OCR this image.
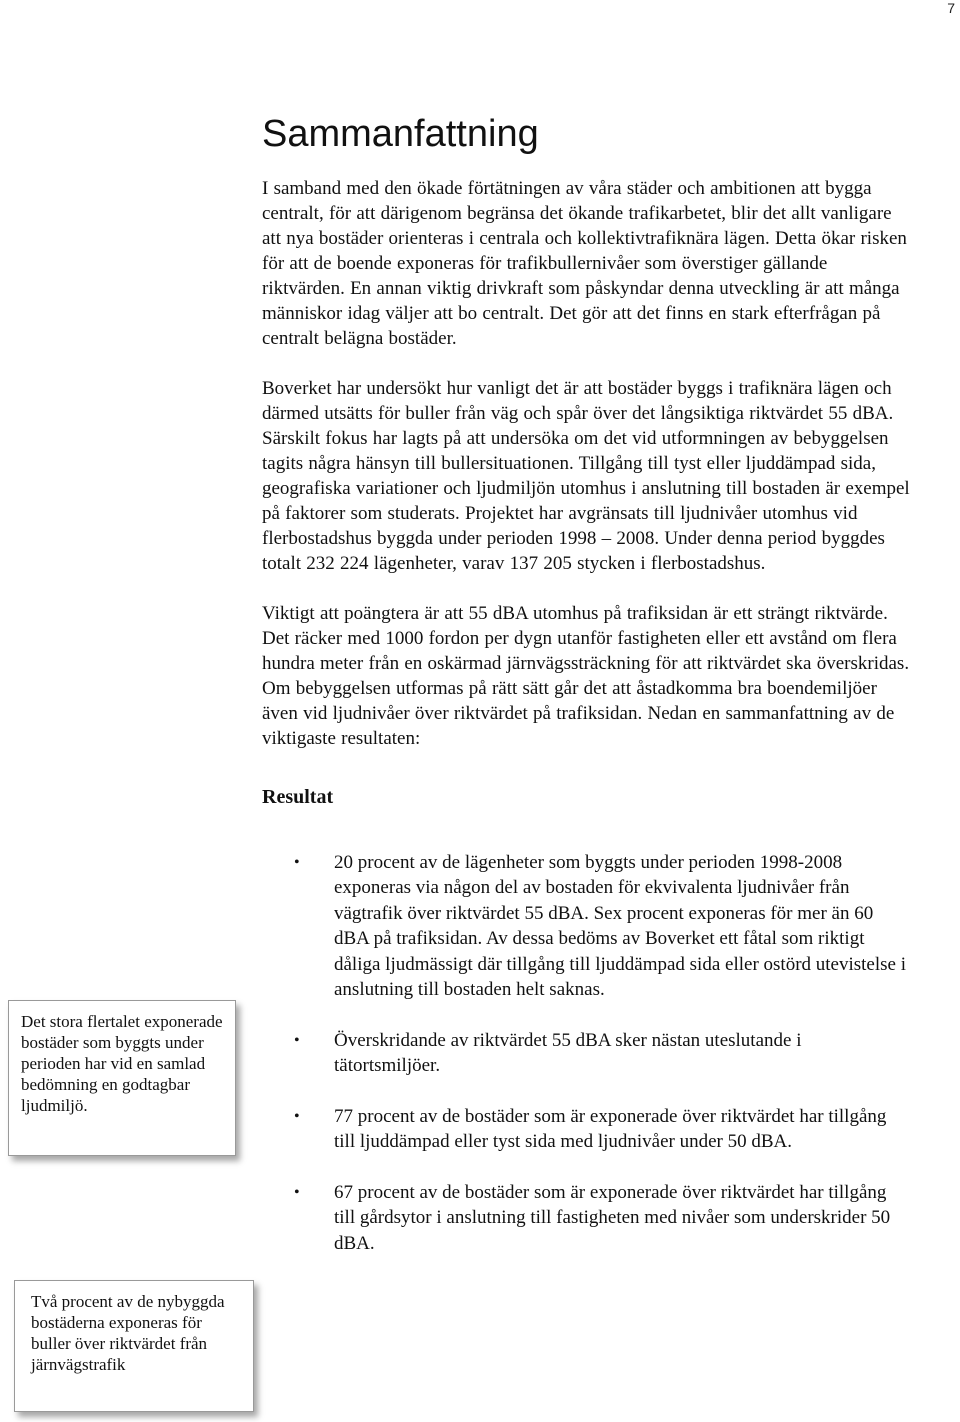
7
Sammanfattning

I samband med den ökade förtätningen av våra städer och ambitionen att bygga centralt, för att därigenom begränsa det ökande trafikarbetet, blir det allt vanligare att nya bostäder orienteras i centrala och kollektivtrafiknära lägen. Detta ökar risken för att de boende exponeras för trafikbullernivåer som överstiger gällande riktvärden. En annan viktig drivkraft som påskyndar denna utveckling är att många människor idag väljer att bo centralt. Det gör att det finns en stark efterfrågan på centralt belägna bostäder.

Boverket har undersökt hur vanligt det är att bostäder byggs i trafiknära lägen och därmed utsätts för buller från väg och spår över det långsiktiga riktvärdet 55 dBA. Särskilt fokus har lagts på att undersöka om det vid utformningen av bebyggelsen tagits några hänsyn till bullersituationen. Tillgång till tyst eller ljuddämpad sida, geografiska variationer och ljudmiljön utomhus i anslutning till bostaden är exempel på faktorer som studerats. Projektet har avgränsats till ljudnivåer utomhus vid flerbostadshus byggda under perioden 1998 – 2008. Under denna period byggdes totalt 232 224 lägenheter, varav 137 205 stycken i flerbostadshus.

Viktigt att poängtera är att 55 dBA utomhus på trafiksidan är ett strängt riktvärde. Det räcker med 1000 fordon per dygn utanför fastigheten eller ett avstånd om flera hundra meter från en oskärmad järnvägssträckning för att riktvärdet ska överskridas. Om bebyggelsen utformas på rätt sätt går det att åstadkomma bra boendemiljöer även vid ljudnivåer över riktvärdet på trafiksidan. Nedan en sammanfattning av de viktigaste resultaten:

Resultat
• 20 procent av de lägenheter som byggts under perioden 1998-2008 exponeras via någon del av bostaden för ekvivalenta ljudnivåer från vägtrafik över riktvärdet 55 dBA. Sex procent exponeras för mer än 60 dBA på trafiksidan. Av dessa bedöms av Boverket ett fåtal som riktigt dåliga ljudmässigt där tillgång till ljuddämpad sida eller ostörd utevistelse i anslutning till bostaden helt saknas.
• Överskridande av riktvärdet 55 dBA sker nästan uteslutande i tätortsmiljöer.
• 77 procent av de bostäder som är exponerade över riktvärdet har tillgång till ljuddämpad eller tyst sida med ljudnivåer under 50 dBA.
• 67 procent av de bostäder som är exponerade över riktvärdet har tillgång till gårdsytor i anslutning till fastigheten med nivåer som underskrider 50 dBA.
Det stora flertalet exponerade bostäder som byggts under perioden har vid en samlad bedömning en godtagbar ljudmiljö.
Två procent av de nybyggda bostäderna exponeras för buller över riktvärdet från järnvägstrafik
